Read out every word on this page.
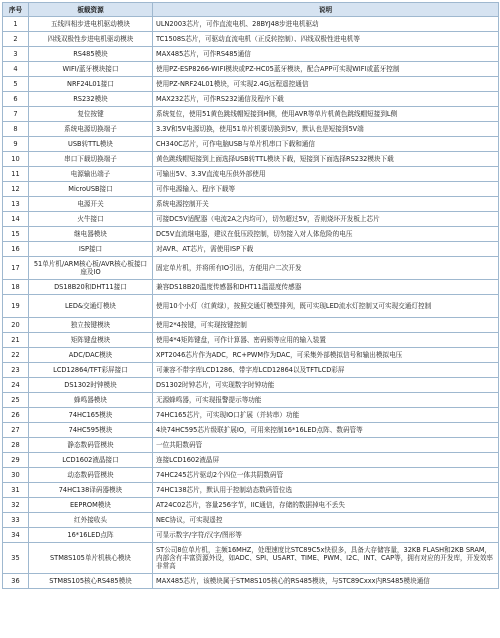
序号	板载资源	说明
1	五线四相步进电机驱动模块	ULN2003芯片，可作直流电机、28BYJ48步进电机驱动
2	四线双极性步进电机驱动模块	TC1508S芯片，可驱动直流电机（正反转控制）、四线双极性进电机等
3	RS485模块	MAX485芯片，可作RS485通信
4	WIFI/蓝牙模块接口	使用PZ-ESP8266-WIFI模块或PZ-HC05蓝牙模块，配合APP可实现WIFI或蓝牙控制
5	NRF24L01接口	使用PZ-NRF24L01模块，可实现2.4G远程遥控通信
6	RS232模块	MAX232芯片，可作RS232通信及程序下载
7	复位按键	系统复位，使用51黄色跳线帽短接到H侧，使用AVR等单片机黄色跳线帽短接到L侧
8	系统电源切换端子	3.3V和5V电源切换，使用51单片机要切换到5V，默认也是短接到5V端
9	USB转TTL模块	CH340C芯片，可作电脑USB与单片机串口下载和通信
10	串口下载切换端子	黄色跳线帽短接到上面选择USB转TTL模块下载，短接到下面选择RS232模块下载
11	电源输出端子	可输出5V、3.3V直流电压供外部使用
12	MicroUSB接口	可作电源输入、程序下载等
13	电源开关	系统电源控制开关
14	火牛接口	可接DC5V适配器（电流2A之内均可），切勿超过5V，否则烧坏开发板上芯片
15	继电器模块	DC5V直流继电器，建议在低压段控制，切勿接入对人体危险的电压
16	ISP接口	对AVR、AT芯片，需使用ISP下载
17	51单片机/ARM核心板/AVR核心板接口座及IO	固定单片机，并将所有IO引出，方便用户二次开发
18	DS18B20和DHT11接口	兼容DS18B20温度传感器和DHT11温湿度传感器
19	LED&交通灯模块	使用10个小灯（红黄绿），按照交通灯模型排列，既可实现LED流水灯控制又可实现交通灯控制
20	独立按键模块	使用2*4按键，可实现按键控制
21	矩阵键盘模块	使用4*4矩阵键盘，可作计算器、密码锁等应用的输入装置
22	ADC/DAC模块	XPT2046芯片作为ADC，RC+PWM作为DAC，可采集外部模拟信号和输出模拟电压
23	LCD12864/TFT彩屏接口	可兼容不带字库LCD1286、带字库LCD12864以及TFTLCD彩屏
24	DS1302时钟模块	DS1302时钟芯片，可实现数字时钟功能
25	蜂鸣器模块	无源蜂鸣器，可实现报警提示等功能
26	74HC165模块	74HC165芯片，可实现IO口扩展（并转串）功能
27	74HC595模块	4块74HC595芯片级联扩展IO，可用来控制16*16LED点阵、数码管等
28	静态数码管模块	一位共阳数码管
29	LCD1602液晶接口	连接LCD1602液晶屏
30	动态数码管模块	74HC245芯片驱动2个四位一体共阴数码管
31	74HC138译码器模块	74HC138芯片，默认用于控制动态数码管位选
32	EEPROM模块	AT24C02芯片，容量256字节，IIC通信，存储的数据掉电不丢失
33	红外接收头	NEC协议，可实现遥控
34	16*16LED点阵	可显示数字/字符/汉字/图形等
35	STM8S105单片机核心模块	ST公司8位单片机，主频16MHZ，处理速度比STC89C5x快很多，具备大存储容量，32KB FLASH和2KB SRAM，内部含有丰富资源外设，如ADC、SPI、USART、TIME、PWM、I2C、INT、CAP等，拥有对应的开发库，开发效率非常高
36	STM8S105核心RS485模块	MAX485芯片，该模块属于STM8S105核心的RS485模块，与STC89Cxxx内RS485模块通信
